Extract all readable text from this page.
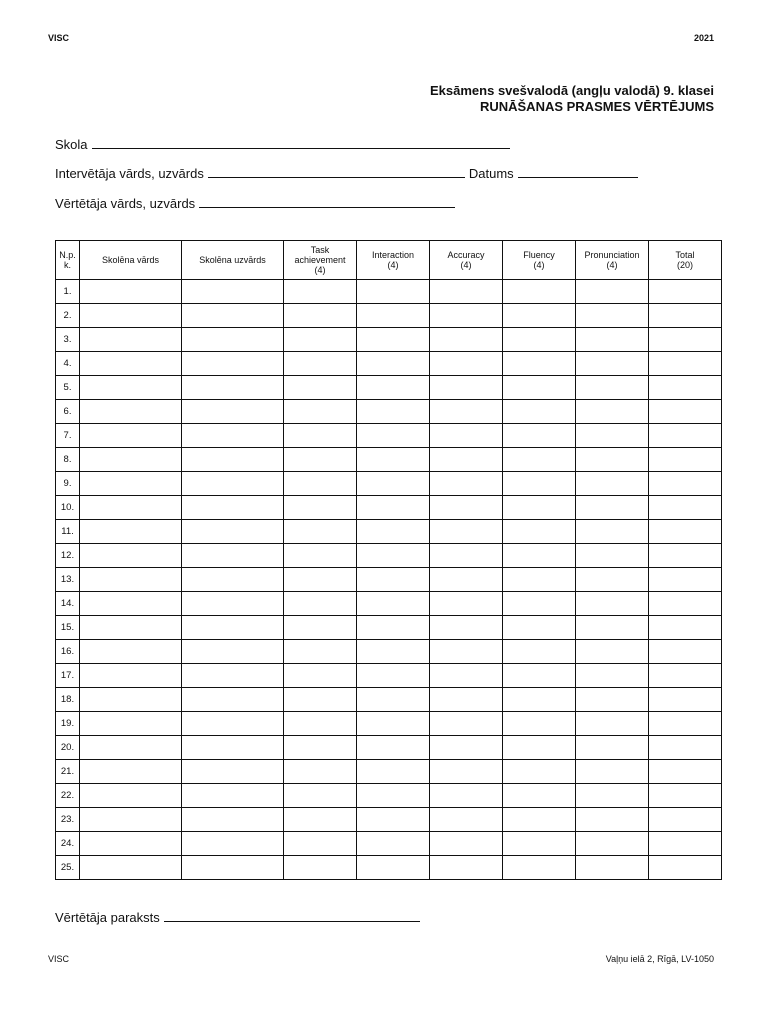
VISC	2021
Eksāmens svešvalodā (angļu valodā) 9. klasei
RUNĀŠANAS PRASMES VĒRTĒJUMS
Skola
Intervētāja vārds, uzvārds	Datums
Vērtētāja vārds, uzvārds
N.p.
k.	Skolēna vārds	Skolēna uzvārds	Task
achievement
(4)	Interaction
(4)	Accuracy
(4)	Fluency
(4)	Pronunciation
(4)	Total
(20)
1.								
2.								
3.								
4.								
5.								
6.								
7.								
8.								
9.								
10.								
11.								
12.								
13.								
14.								
15.								
16.								
17.								
18.								
19.								
20.								
21.								
22.								
23.								
24.								
25.								
Vērtētāja paraksts
VISC	Vaļņu ielā 2, Rīgā, LV-1050
